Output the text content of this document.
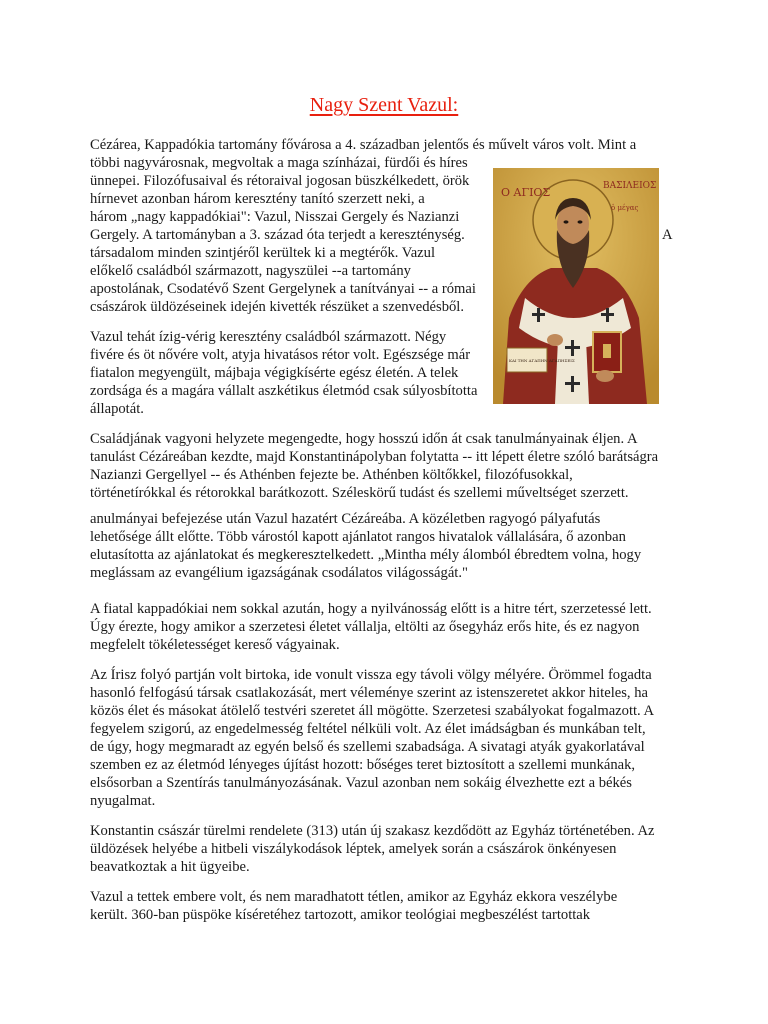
Nagy Szent Vazul:
Cézárea, Kappadókia tartomány fővárosa a 4. században jelentős és művelt város volt. Mint a
többi nagyvárosnak, megvoltak a maga színházai, fürdői és híres
ünnepei. Filozófusaival és rétoraival jogosan büszkélkedett, örök
hírnevet azonban három keresztény tanító szerzett neki, a
három „nagy kappadókiai": Vazul, Nisszai Gergely és Nazianzi
Gergely. A tartományban a 3. század óta terjedt a kereszténység.	A
társadalom minden szintjéről kerültek ki a megtérők. Vazul
előkelő családból származott, nagyszülei --a tartomány
apostolának, Csodatévő Szent Gergelynek a tanítványai -- a római
császárok üldözéseinek idején kivették részüket a szenvedésből.
Vazul tehát ízig-vérig keresztény családból származott. Négy
fivére és öt nővére volt, atyja hivatásos rétor volt. Egészsége már
fiatalon megyengült, májbaja végigkísérte egész életén. A telek
zordsága és a magára vállalt aszkétikus életmód csak súlyosbította
állapotát.
Családjának vagyoni helyzete megengedte, hogy hosszú időn át csak tanulmányainak éljen. A
tanulást Cézáreában kezdte, majd Konstantinápolyban folytatta -- itt lépett életre szóló barátságra
Nazianzi Gergellyel -- és Athénben fejezte be. Athénben költőkkel, filozófusokkal,
történetírókkal és rétorokkal barátkozott. Széleskörű tudást és szellemi műveltséget szerzett.
anulmányai befejezése után Vazul hazatért Cézáreába. A közéletben ragyogó pályafutás
lehetősége állt előtte. Több várostól kapott ajánlatot rangos hivatalok vállalására, ő azonban
elutasította az ajánlatokat és megkeresztelkedett. „Mintha mély álomból ébredtem volna, hogy
meglássam az evangélium igazságának csodálatos világosságát."
A fiatal kappadókiai nem sokkal azután, hogy a nyilvánosság előtt is a hitre tért, szerzetessé lett.
Úgy érezte, hogy amikor a szerzetesi életet vállalja, eltölti az ősegyház erős hite, és ez nagyon
megfelelt tökéletességet kereső vágyainak.
Az Írisz folyó partján volt birtoka, ide vonult vissza egy távoli völgy mélyére. Örömmel fogadta
hasonló felfogású társak csatlakozását, mert véleménye szerint az istenszeretet akkor hiteles, ha
közös élet és másokat átölelő testvéri szeretet áll mögötte. Szerzetesi szabályokat fogalmazott. A
fegyelem szigorú, az engedelmesség feltétel nélküli volt. Az élet imádságban és munkában telt,
de úgy, hogy megmaradt az egyén belső és szellemi szabadsága. A sivatagi atyák gyakorlatával
szemben ez az életmód lényeges újítást hozott: bőséges teret biztosított a szellemi munkának,
elsősorban a Szentírás tanulmányozásának. Vazul azonban nem sokáig élvezhette ezt a békés
nyugalmat.
Konstantin császár türelmi rendelete (313) után új szakasz kezdődött az Egyház történetében. Az
üldözések helyébe a hitbeli viszálykodások léptek, amelyek során a császárok önkényesen
beavatkoztak a hit ügyeibe.
Vazul a tettek embere volt, és nem maradhatott tétlen, amikor az Egyház ekkora veszélybe
került. 360-ban püspöke kíséretéhez tartozott, amikor teológiai megbeszélést tartottak
Ο ΑΓΙΟΣ	ΒΑΣΙΛΕΙΟΣ
ὁ μέγας
ΚΑΙ ΤΗΝ ΑΓΑΠΗΝ ΑΓΑΠΗΣΕΙΣ
